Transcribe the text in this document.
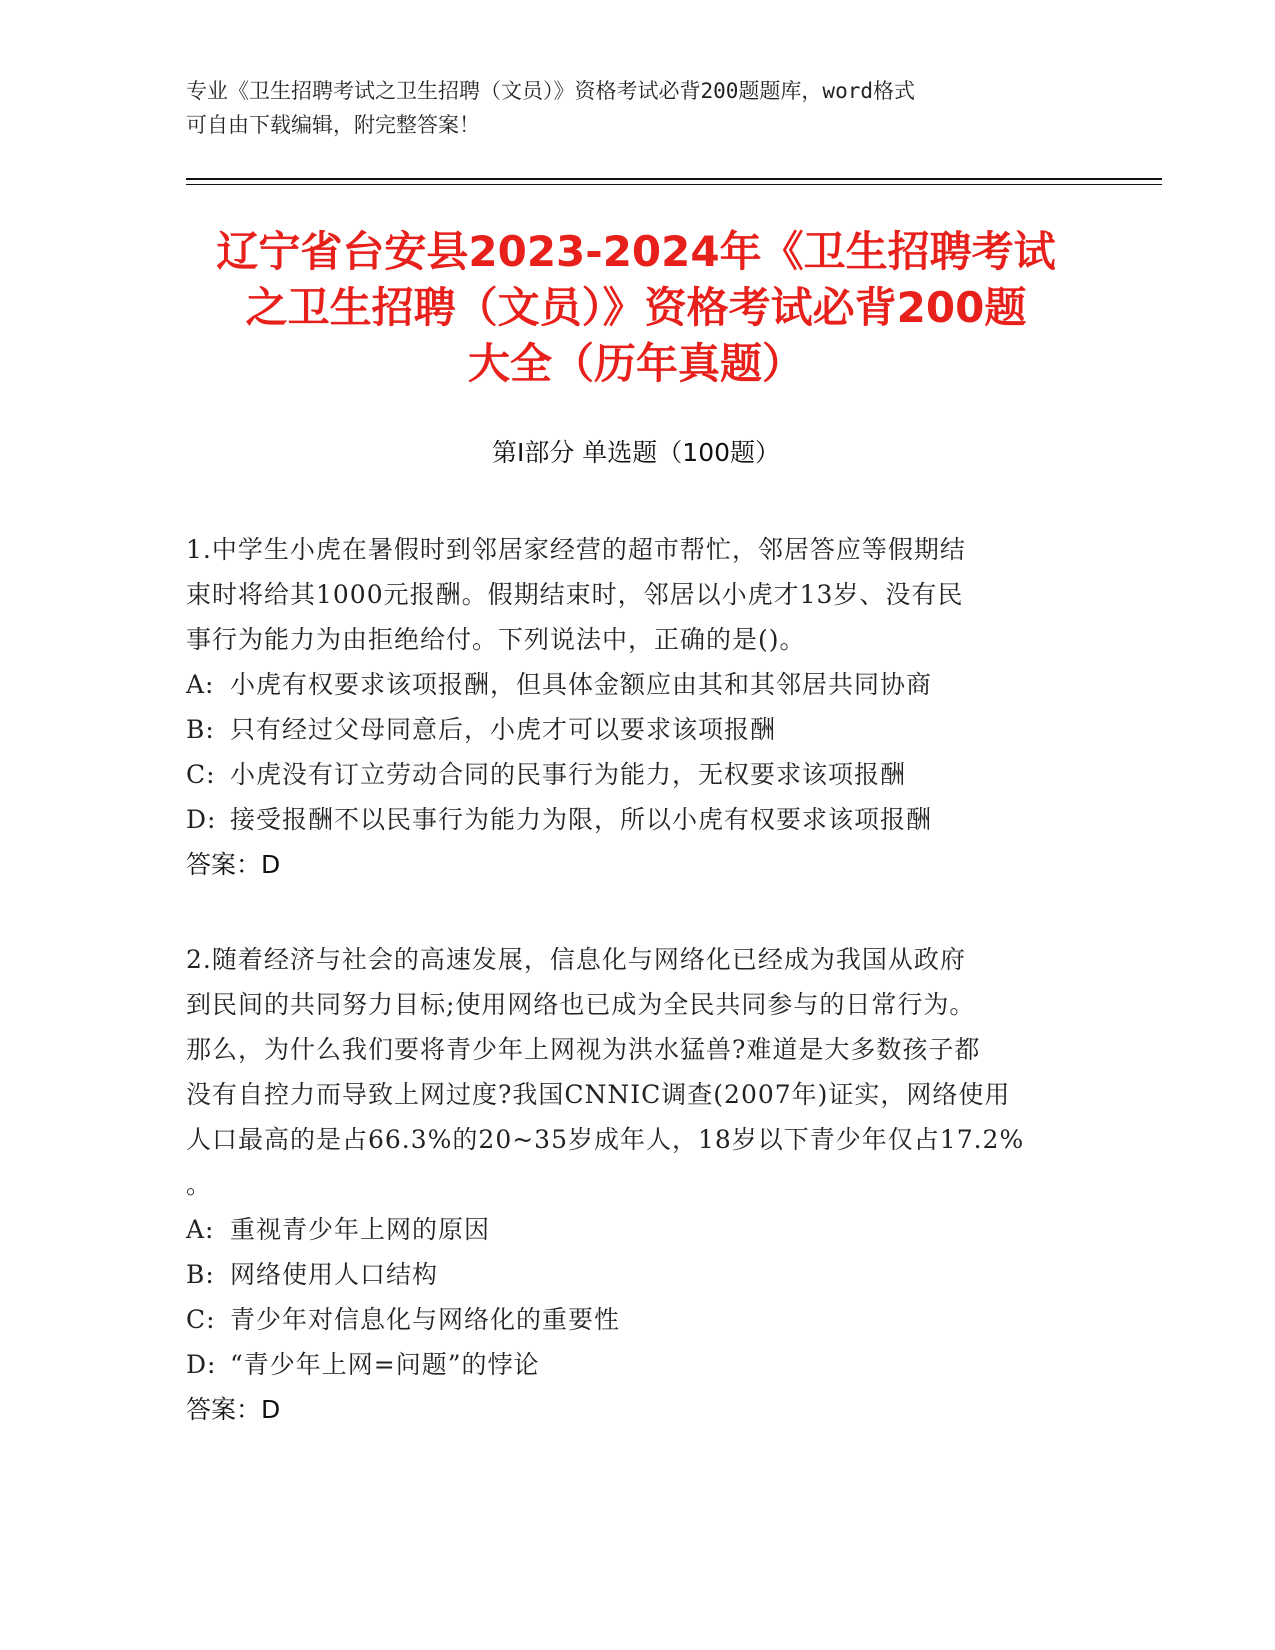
专业《卫生招聘考试之卫生招聘（文员）》资格考试必背200题题库，word格式
可自由下载编辑，附完整答案！
辽宁省台安县2023-2024年《卫生招聘考试
之卫生招聘（文员）》资格考试必背200题
大全（历年真题）
第I部分 单选题（100题）
1.中学生小虎在暑假时到邻居家经营的超市帮忙，邻居答应等假期结
束时将给其1000元报酬。假期结束时，邻居以小虎才13岁、没有民
事行为能力为由拒绝给付。下列说法中，正确的是()。
A: 小虎有权要求该项报酬，但具体金额应由其和其邻居共同协商
B: 只有经过父母同意后，小虎才可以要求该项报酬
C: 小虎没有订立劳动合同的民事行为能力，无权要求该项报酬
D: 接受报酬不以民事行为能力为限，所以小虎有权要求该项报酬
答案：D
2.随着经济与社会的高速发展，信息化与网络化已经成为我国从政府
到民间的共同努力目标;使用网络也已成为全民共同参与的日常行为。
那么，为什么我们要将青少年上网视为洪水猛兽?难道是大多数孩子都
没有自控力而导致上网过度?我国CNNIC调查(2007年)证实，网络使用
人口最高的是占66.3%的20~35岁成年人，18岁以下青少年仅占17.2%
。
A: 重视青少年上网的原因
B: 网络使用人口结构
C: 青少年对信息化与网络化的重要性
D: “青少年上网=问题”的悖论
答案：D
